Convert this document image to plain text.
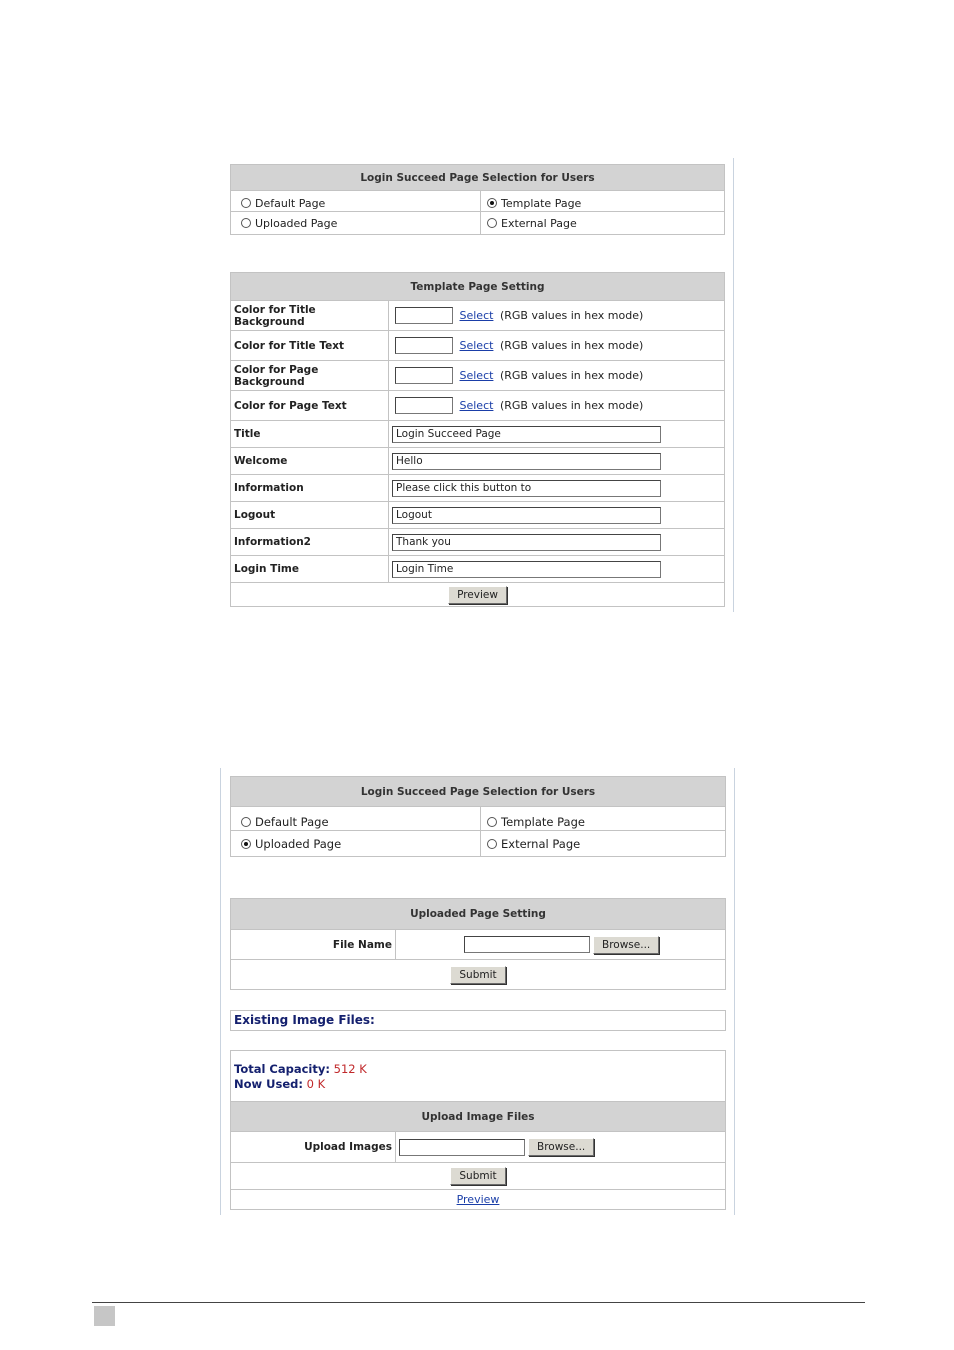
Login Succeed Page Selection for Users	
Default Page	Template Page
Uploaded Page	External Page
Template Page Setting	
Color for Title Background	Select (RGB values in hex mode)
Color for Title Text	Select (RGB values in hex mode)
Color for Page Background	Select (RGB values in hex mode)
Color for Page Text	Select (RGB values in hex mode)
Title	Login Succeed Page
Welcome	Hello
Information	Please click this button to
Logout	Logout
Information2	Thank you
Login Time	Login Time
Preview	
Login Succeed Page Selection for Users	
Default Page	Template Page
Uploaded Page	External Page
Uploaded Page Setting
File Name	Browse...
Submit
Existing Image Files:
Total Capacity: 512 K
Now Used: 0 K
Upload Image Files
Upload Images	Browse...
Submit
Preview
